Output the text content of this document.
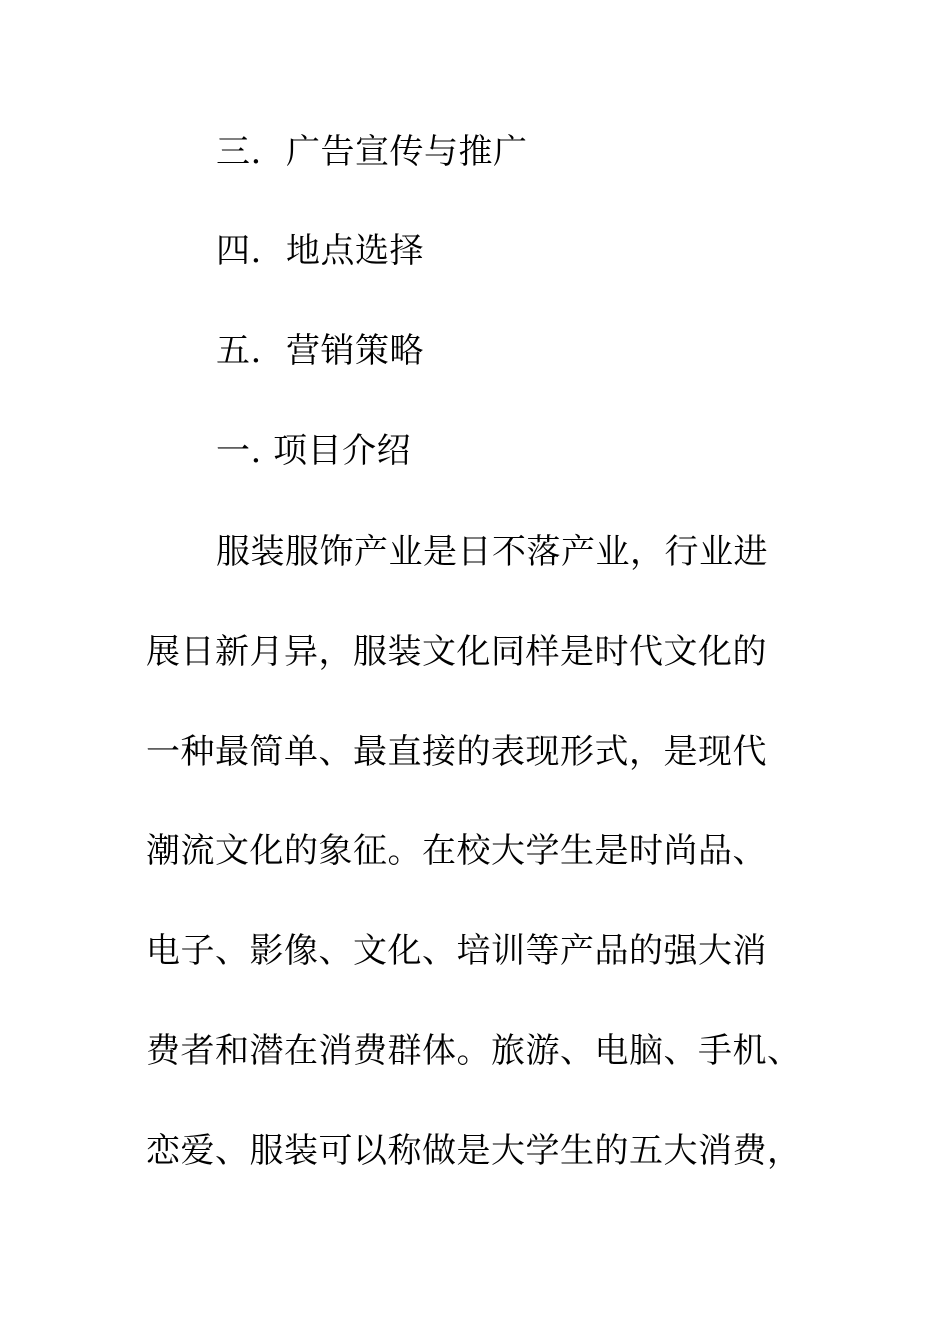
三. 广告宣传与推广
四. 地点选择
五. 营销策略
一. 项目介绍
服装服饰产业是日不落产业，行业进
展日新月异，服装文化同样是时代文化的
一种最简单、最直接的表现形式，是现代
潮流文化的象征。在校大学生是时尚品、
电子、影像、文化、培训等产品的强大消
费者和潜在消费群体。旅游、电脑、手机、
恋爱、服装可以称做是大学生的五大消费，
